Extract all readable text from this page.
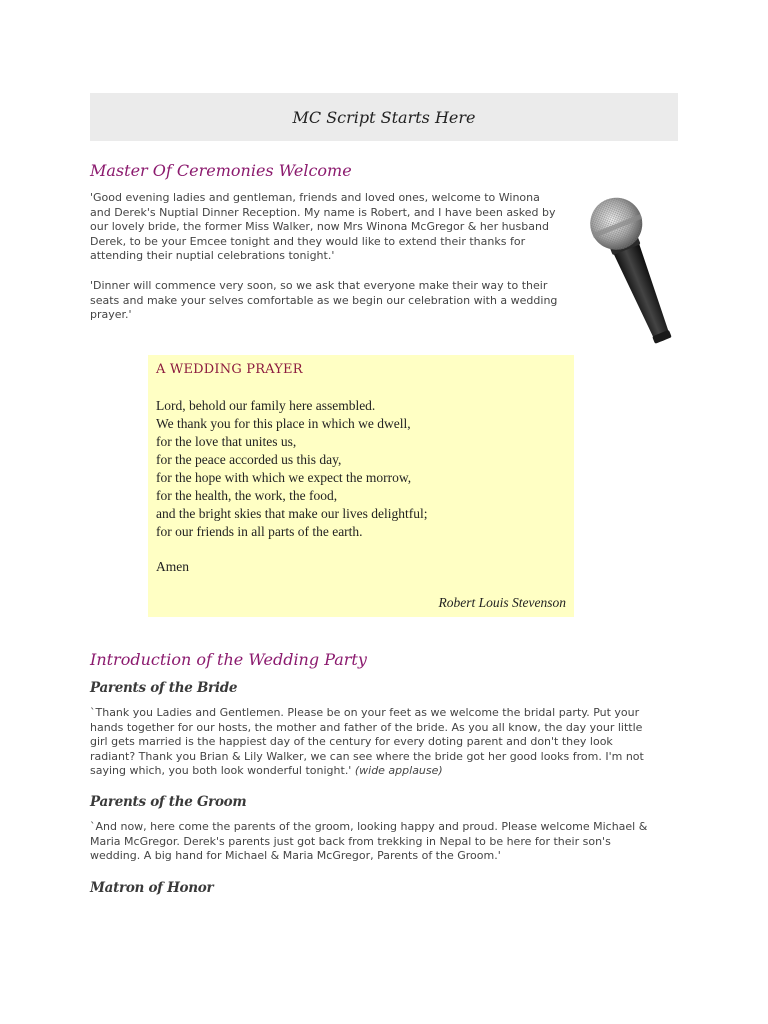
MC Script Starts Here
Master Of Ceremonies Welcome
'Good evening ladies and gentleman, friends and loved ones, welcome to Winona
and Derek's Nuptial Dinner Reception. My name is Robert, and I have been asked by
our lovely bride, the former Miss Walker, now Mrs Winona McGregor & her husband
Derek, to be your Emcee tonight and they would like to extend their thanks for
attending their nuptial celebrations tonight.'
'Dinner will commence very soon, so we ask that everyone make their way to their
seats and make your selves comfortable as we begin our celebration with a wedding
prayer.'
A WEDDING PRAYER
Lord, behold our family here assembled.
We thank you for this place in which we dwell,
for the love that unites us,
for the peace accorded us this day,
for the hope with which we expect the morrow,
for the health, the work, the food,
and the bright skies that make our lives delightful;
for our friends in all parts of the earth.
Amen
Robert Louis Stevenson
Introduction of the Wedding Party
Parents of the Bride
`Thank you Ladies and Gentlemen. Please be on your feet as we welcome the bridal party. Put your
hands together for our hosts, the mother and father of the bride. As you all know, the day your little
girl gets married is the happiest day of the century for every doting parent and don't they look
radiant? Thank you Brian & Lily Walker, we can see where the bride got her good looks from. I'm not
saying which, you both look wonderful tonight.' (wide applause)
Parents of the Groom
`And now, here come the parents of the groom, looking happy and proud. Please welcome Michael &
Maria McGregor. Derek's parents just got back from trekking in Nepal to be here for their son's
wedding. A big hand for Michael & Maria McGregor, Parents of the Groom.'
Matron of Honor
